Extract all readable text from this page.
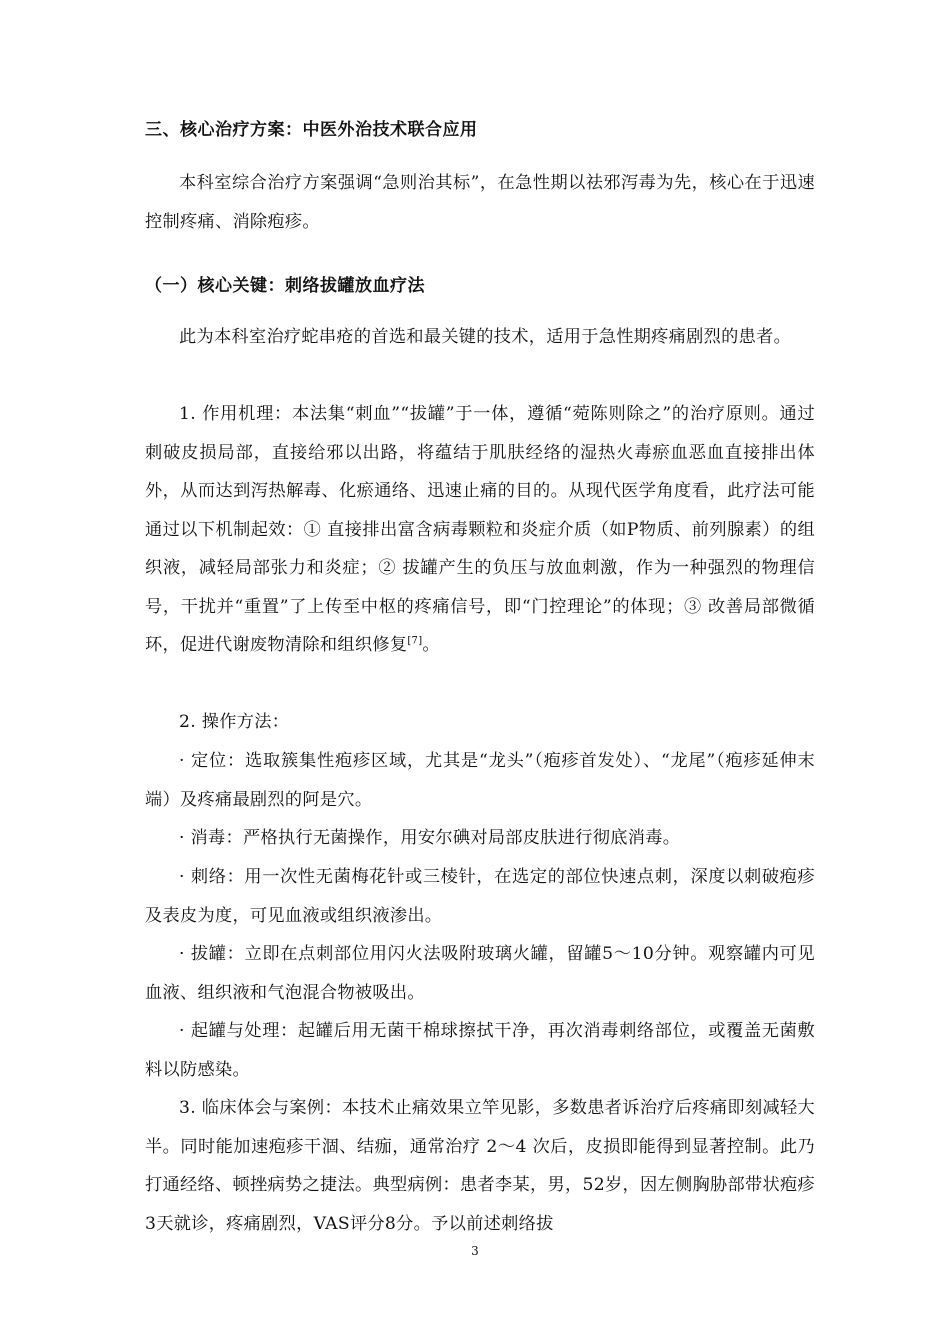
三、核心治疗方案：中医外治技术联合应用

本科室综合治疗方案强调“急则治其标”，在急性期以祛邪泻毒为先，核心在于迅速控制疼痛、消除疱疹。

（一）核心关键：刺络拔罐放血疗法

此为本科室治疗蛇串疮的首选和最关键的技术，适用于急性期疼痛剧烈的患者。

1. 作用机理：本法集“刺血”“拔罐”于一体，遵循“菀陈则除之”的治疗原则。通过刺破皮损局部，直接给邪以出路，将蕴结于肌肤经络的湿热火毒瘀血恶血直接排出体外，从而达到泻热解毒、化瘀通络、迅速止痛的目的。从现代医学角度看，此疗法可能通过以下机制起效：① 直接排出富含病毒颗粒和炎症介质（如P物质、前列腺素）的组织液，减轻局部张力和炎症；② 拔罐产生的负压与放血刺激，作为一种强烈的物理信号，干扰并“重置”了上传至中枢的疼痛信号，即“门控理论”的体现；③ 改善局部微循环，促进代谢废物清除和组织修复[7]。

2. 操作方法：

· 定位：选取簇集性疱疹区域，尤其是“龙头”（疱疹首发处）、“龙尾”（疱疹延伸末端）及疼痛最剧烈的阿是穴。

· 消毒：严格执行无菌操作，用安尔碘对局部皮肤进行彻底消毒。

· 刺络：用一次性无菌梅花针或三棱针，在选定的部位快速点刺，深度以刺破疱疹及表皮为度，可见血液或组织液渗出。

· 拔罐：立即在点刺部位用闪火法吸附玻璃火罐，留罐5～10分钟。观察罐内可见血液、组织液和气泡混合物被吸出。

· 起罐与处理：起罐后用无菌干棉球擦拭干净，再次消毒刺络部位，或覆盖无菌敷料以防感染。

3. 临床体会与案例：本技术止痛效果立竿见影，多数患者诉治疗后疼痛即刻减轻大半。同时能加速疱疹干涸、结痂，通常治疗 2～4 次后，皮损即能得到显著控制。此乃打通经络、顿挫病势之捷法。典型病例：患者李某，男，52岁，因左侧胸胁部带状疱疹3天就诊，疼痛剧烈，VAS评分8分。予以前述刺络拔

3
